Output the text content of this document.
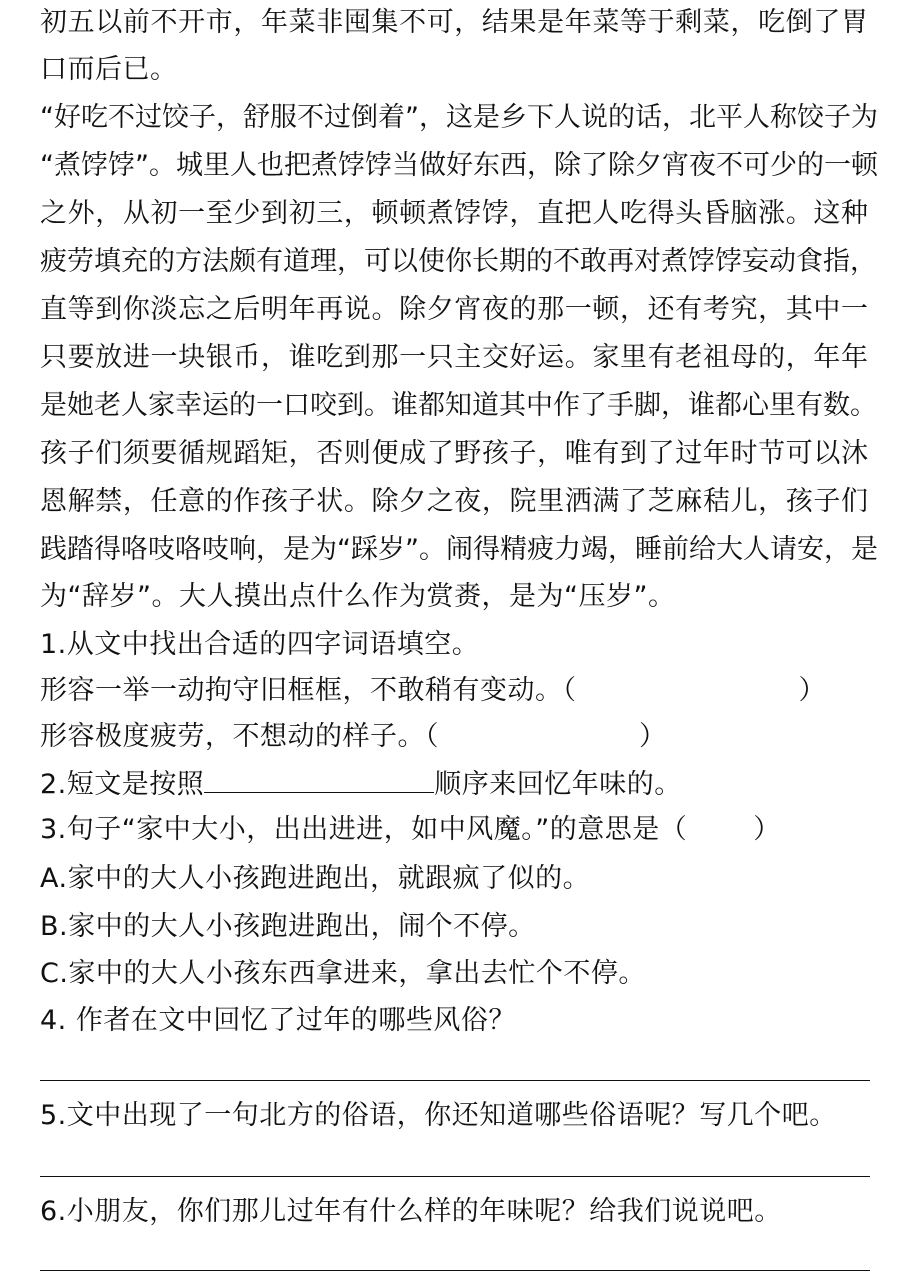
初五以前不开市，年菜非囤集不可，结果是年菜等于剩菜，吃倒了胃
口而后已。
“好吃不过饺子，舒服不过倒着”，这是乡下人说的话，北平人称饺子为
“煮饽饽”。城里人也把煮饽饽当做好东西，除了除夕宵夜不可少的一顿
之外，从初一至少到初三，顿顿煮饽饽，直把人吃得头昏脑涨。这种
疲劳填充的方法颇有道理，可以使你长期的不敢再对煮饽饽妄动食指，
直等到你淡忘之后明年再说。除夕宵夜的那一顿，还有考究，其中一
只要放进一块银币，谁吃到那一只主交好运。家里有老祖母的，年年
是她老人家幸运的一口咬到。谁都知道其中作了手脚，谁都心里有数。
孩子们须要循规蹈矩，否则便成了野孩子，唯有到了过年时节可以沐
恩解禁，任意的作孩子状。除夕之夜，院里洒满了芝麻秸儿，孩子们
践踏得咯吱咯吱响，是为“踩岁”。闹得精疲力竭，睡前给大人请安，是
为“辞岁”。大人摸出点什么作为赏赉，是为“压岁”。
1.从文中找出合适的四字词语填空。
形容一举一动拘守旧框框，不敢稍有变动。（	）
形容极度疲劳，不想动的样子。（	）
2.短文是按照	顺序来回忆年味的。
3.句子“家中大小，出出进进，如中风魔。”的意思是（ ）
A.家中的大人小孩跑进跑出，就跟疯了似的。
B.家中的大人小孩跑进跑出，闹个不停。
C.家中的大人小孩东西拿进来，拿出去忙个不停。
4. 作者在文中回忆了过年的哪些风俗？
5.文中出现了一句北方的俗语，你还知道哪些俗语呢？写几个吧。
6.小朋友，你们那儿过年有什么样的年味呢？给我们说说吧。
